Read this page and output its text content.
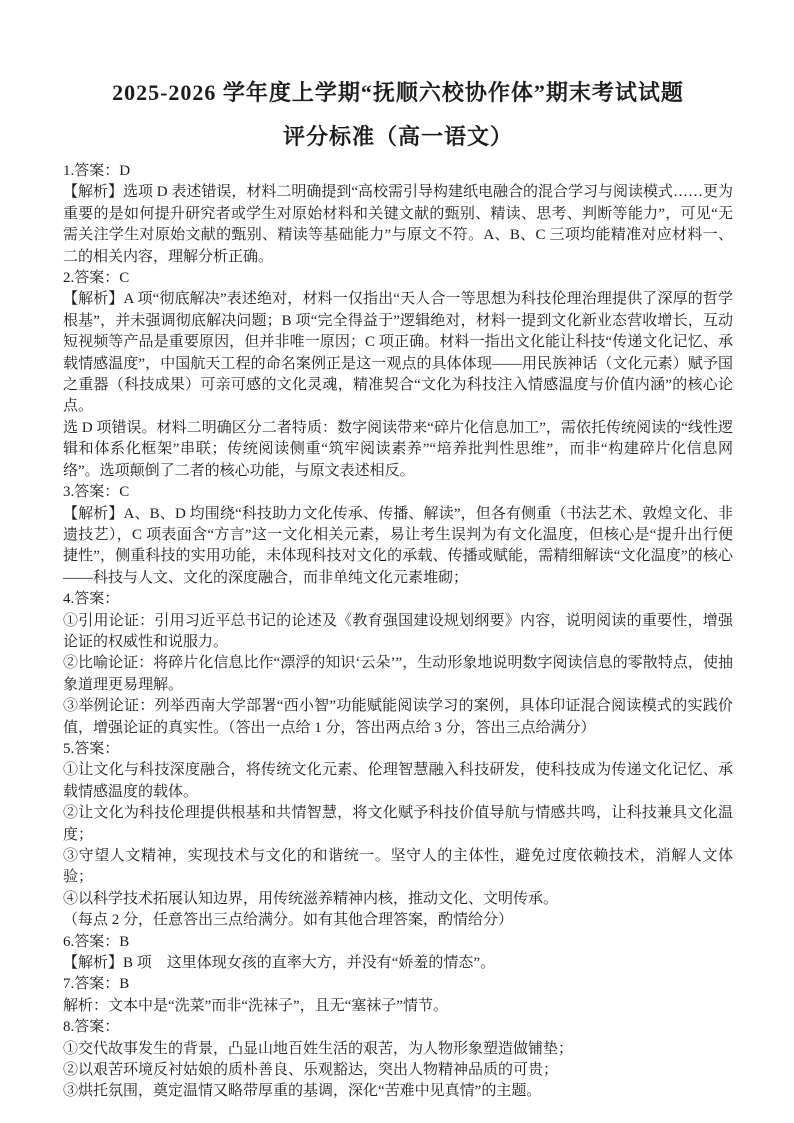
2025-2026 学年度上学期“抚顺六校协作体”期末考试试题
评分标准（高一语文）

1.答案：D

【解析】选项 D 表述错误，材料二明确提到“高校需引导构建纸电融合的混合学习与阅读模式……更为重要的是如何提升研究者或学生对原始材料和关键文献的甄别、精读、思考、判断等能力”，可见“无需关注学生对原始文献的甄别、精读等基础能力”与原文不符。A、B、C 三项均能精准对应材料一、二的相关内容，理解分析正确。

2.答案：C

【解析】A 项“彻底解决”表述绝对，材料一仅指出“天人合一等思想为科技伦理治理提供了深厚的哲学根基”，并未强调彻底解决问题；B 项“完全得益于”逻辑绝对，材料一提到文化新业态营收增长，互动短视频等产品是重要原因，但并非唯一原因；C 项正确。材料一指出文化能让科技“传递文化记忆、承载情感温度”，中国航天工程的命名案例正是这一观点的具体体现——用民族神话（文化元素）赋予国之重器（科技成果）可亲可感的文化灵魂，精准契合“文化为科技注入情感温度与价值内涵”的核心论点。

选 D 项错误。材料二明确区分二者特质：数字阅读带来“碎片化信息加工”，需依托传统阅读的“线性逻辑和体系化框架”串联；传统阅读侧重“筑牢阅读素养”“培养批判性思维”，而非“构建碎片化信息网络”。选项颠倒了二者的核心功能，与原文表述相反。

3.答案：C

【解析】A、B、D 均围绕“科技助力文化传承、传播、解读”，但各有侧重（书法艺术、敦煌文化、非遗技艺），C 项表面含“方言”这一文化相关元素，易让考生误判为有文化温度，但核心是“提升出行便捷性”，侧重科技的实用功能，未体现科技对文化的承载、传播或赋能，需精细解读“文化温度”的核心——科技与人文、文化的深度融合，而非单纯文化元素堆砌；

4.答案：

①引用论证：引用习近平总书记的论述及《教育强国建设规划纲要》内容，说明阅读的重要性，增强论证的权威性和说服力。

②比喻论证：将碎片化信息比作“漂浮的知识‘云朵’”，生动形象地说明数字阅读信息的零散特点，使抽象道理更易理解。

③举例论证：列举西南大学部署“西小智”功能赋能阅读学习的案例，具体印证混合阅读模式的实践价值，增强论证的真实性。（答出一点给 1 分，答出两点给 3 分，答出三点给满分）

5.答案：

①让文化与科技深度融合，将传统文化元素、伦理智慧融入科技研发，使科技成为传递文化记忆、承载情感温度的载体。

②让文化为科技伦理提供根基和共情智慧，将文化赋予科技价值导航与情感共鸣，让科技兼具文化温度；

③守望人文精神，实现技术与文化的和谐统一。坚守人的主体性，避免过度依赖技术，消解人文体验；

④以科学技术拓展认知边界，用传统滋养精神内核，推动文化、文明传承。

（每点 2 分，任意答出三点给满分。如有其他合理答案，酌情给分）

6.答案：B

【解析】B 项　这里体现女孩的直率大方，并没有“娇羞的情态”。

7.答案：B

解析：文本中是“洗菜”而非“洗袜子”，且无“塞袜子”情节。

8.答案：

①交代故事发生的背景，凸显山地百姓生活的艰苦，为人物形象塑造做铺垫；

②以艰苦环境反衬姑娘的质朴善良、乐观豁达，突出人物精神品质的可贵；

③烘托氛围，奠定温情又略带厚重的基调，深化“苦难中见真情”的主题。
